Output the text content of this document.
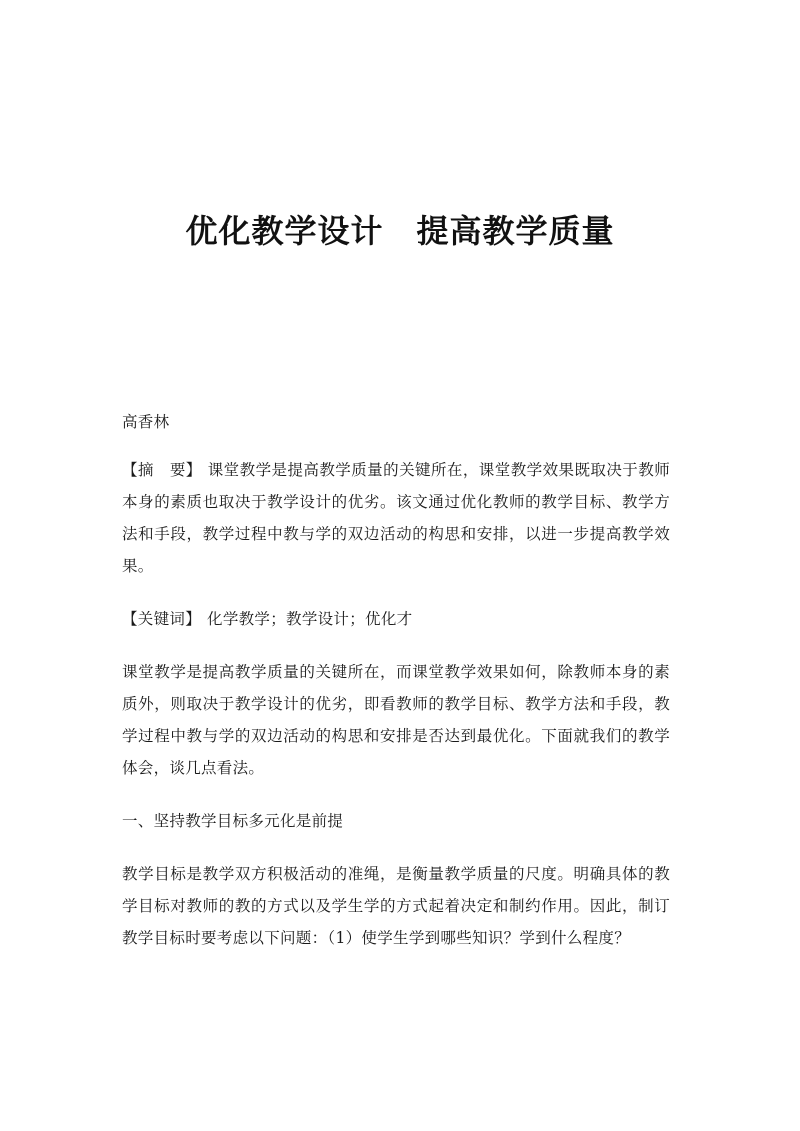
优化教学设计　提高教学质量

高香林

【摘　要】 课堂教学是提高教学质量的关键所在，课堂教学效果既取决于教师本身的素质也取决于教学设计的优劣。该文通过优化教师的教学目标、教学方法和手段，教学过程中教与学的双边活动的构思和安排，以进一步提高教学效果。

【关键词】 化学教学；教学设计；优化才

课堂教学是提高教学质量的关键所在，而课堂教学效果如何，除教师本身的素质外，则取决于教学设计的优劣，即看教师的教学目标、教学方法和手段，教学过程中教与学的双边活动的构思和安排是否达到最优化。下面就我们的教学体会，谈几点看法。

一、坚持教学目标多元化是前提

教学目标是教学双方积极活动的准绳，是衡量教学质量的尺度。明确具体的教学目标对教师的教的方式以及学生学的方式起着决定和制约作用。因此，制订教学目标时要考虑以下问题：（1）使学生学到哪些知识？学到什么程度？
